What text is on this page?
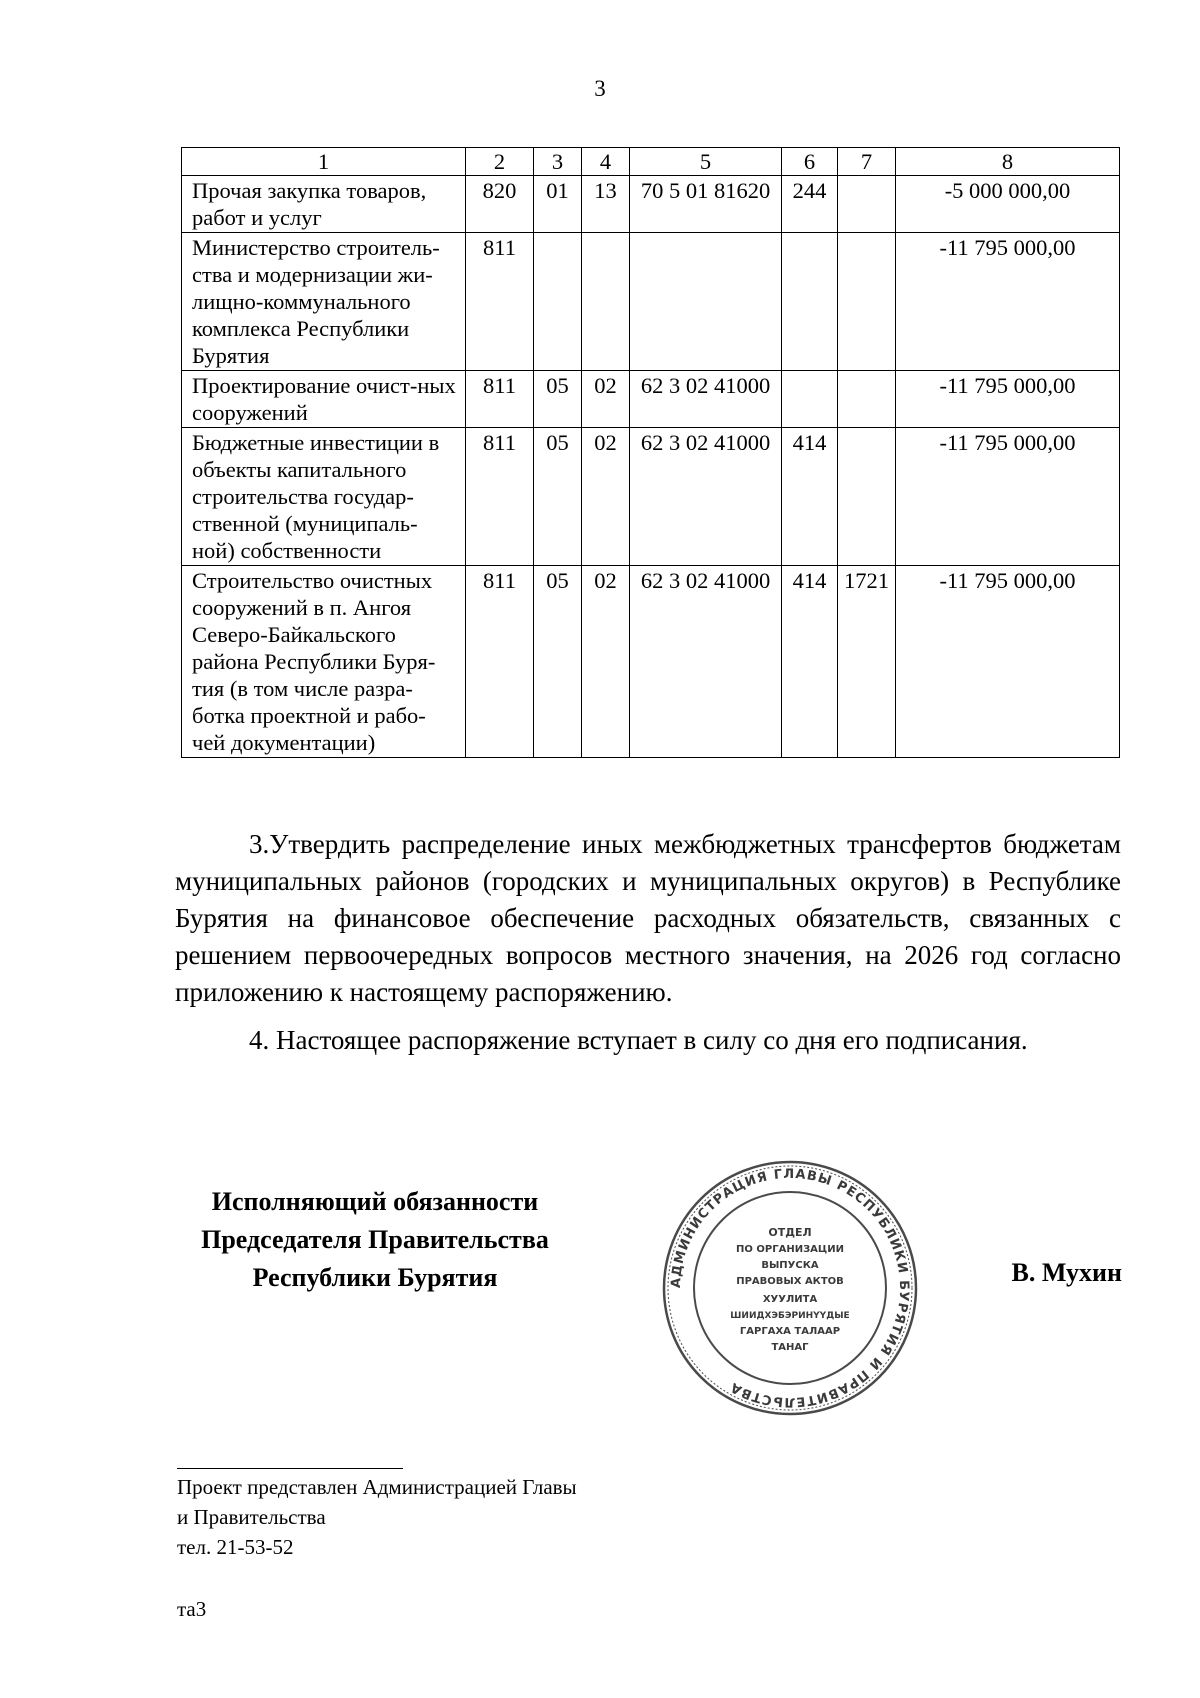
3
1	2	3	4	5	6	7	8
Прочая закупка товаров, работ и услуг	820	01	13	70 5 01 81620	244		-5 000 000,00
Министерство строитель-ства и модернизации жи-лищно-коммунального комплекса Республики Бурятия	811						-11 795 000,00
Проектирование очист-ных сооружений	811	05	02	62 3 02 41000			-11 795 000,00
Бюджетные инвестиции в объекты капитального строительства государ-ственной (муниципаль-ной) собственности	811	05	02	62 3 02 41000	414		-11 795 000,00
Строительство очистных сооружений в п. Ангоя Северо-Байкальского района Республики Буря-тия (в том числе разра-ботка проектной и рабо-чей документации)	811	05	02	62 3 02 41000	414	1721	-11 795 000,00

3.Утвердить распределение иных межбюджетных трансфертов бюджетам муниципальных районов (городских и муниципальных округов) в Республике Бурятия на финансовое обеспечение расходных обязательств, связанных с решением первоочередных вопросов местного значения, на 2026 год согласно приложению к настоящему распоряжению.

4. Настоящее распоряжение вступает в силу со дня его подписания.

Исполняющий обязанности
Председателя Правительства
Республики Бурятия	АДМИНИСТРАЦИЯ ГЛАВЫ РЕСПУБЛИКИ БУРЯТИЯ И ПРАВИТЕЛЬСТВА
ОТДЕЛ
ПО ОРГАНИЗАЦИИ
ВЫПУСКА
ПРАВОВЫХ АКТОВ
ХУУЛИТА
ШИИДХЭБЭРИНҮҮДЫЕ
ГАРГАХА ТАЛААР
ТАНАГ
В. Мухин
Проект представлен Администрацией Главы
и Правительства
тел. 21-53-52
та3
